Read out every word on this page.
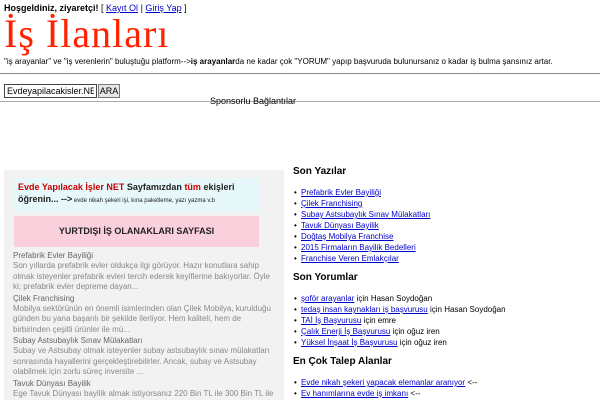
Hoşgeldiniz, ziyaretçi! [ Kayıt Ol | Giriş Yap ]
İş İlanları
"iş arayanlar" ve "iş verenlerin" buluştuğu platform-->iş arayanlarda ne kadar çok "YORUM" yapıp başvuruda bulunursanız o kadar iş bulma şansınız artar.
Evdeyapilacakisler.NET
ARA
Sponsorlu Bağlantılar
Evde Yapılacak İşler NET Sayfamızdan tüm ekişleri
öğrenin... --> evde nikah şekeri işi, kına paketleme, yazı yazma v.b
YURTDIŞI İŞ OLANAKLARI SAYFASI
Prefabrik Evler Bayiliği
Son yıllarda prefabrik evler oldukça ilgi görüyor. Hazır konutlara sahip olmak isteyenler prefabrik evleri tercih ederek keyiflerine bakıyorlar. Öyle ki; prefabrik evler depreme dayan...
Çilek Franchising
Mobilya sektörünün en önemli isimlerinden olan Çilek Mobilya, kurulduğu günden bu yana başarılı bir şekilde ilerliyor. Hem kaliteli, hem de birbirinden çeşitli ürünler ile mü...
Subay Astsubaylık Sınav Mülakatları
Subay ve Astsubay olmak isteyenler subay astsubaylık sınav mülakatları sonrasında hayallerini gerçekleştirebilirler. Ancak, subay ve Astsubay olabilmek için zorlu süreç inversite ...
Tavuk Dünyası Bayilik
Ege Tavuk Dünyası bayilik almak istiyorsanız 220 Bin TL ile 300 Bin TL ile
Son Yazılar
• Prefabrik Evler Bayiliği
• Çilek Franchising
• Subay Astsubaylık Sınav Mülakatları
• Tavuk Dünyası Bayilik
• Doğtaş Mobilya Franchise
• 2015 Firmaların Bayilik Bedelleri
• Franchise Veren Emlakçılar
Son Yorumlar
• şoför arayanlar için Hasan Soydoğan
• tedaş insan kaynakları iş başvurusu için Hasan Soydoğan
• TAİ İş Başvurusu için emre
• Çalık Enerji İş Başvurusu için oğuz iren
• Yüksel İnşaat İş Başvurusu için oğuz iren
En Çok Talep Alanlar
• Evde nikah şekeri yapacak elemanlar aranıyor <--
• Ev hanımlarına evde iş imkanı <--
